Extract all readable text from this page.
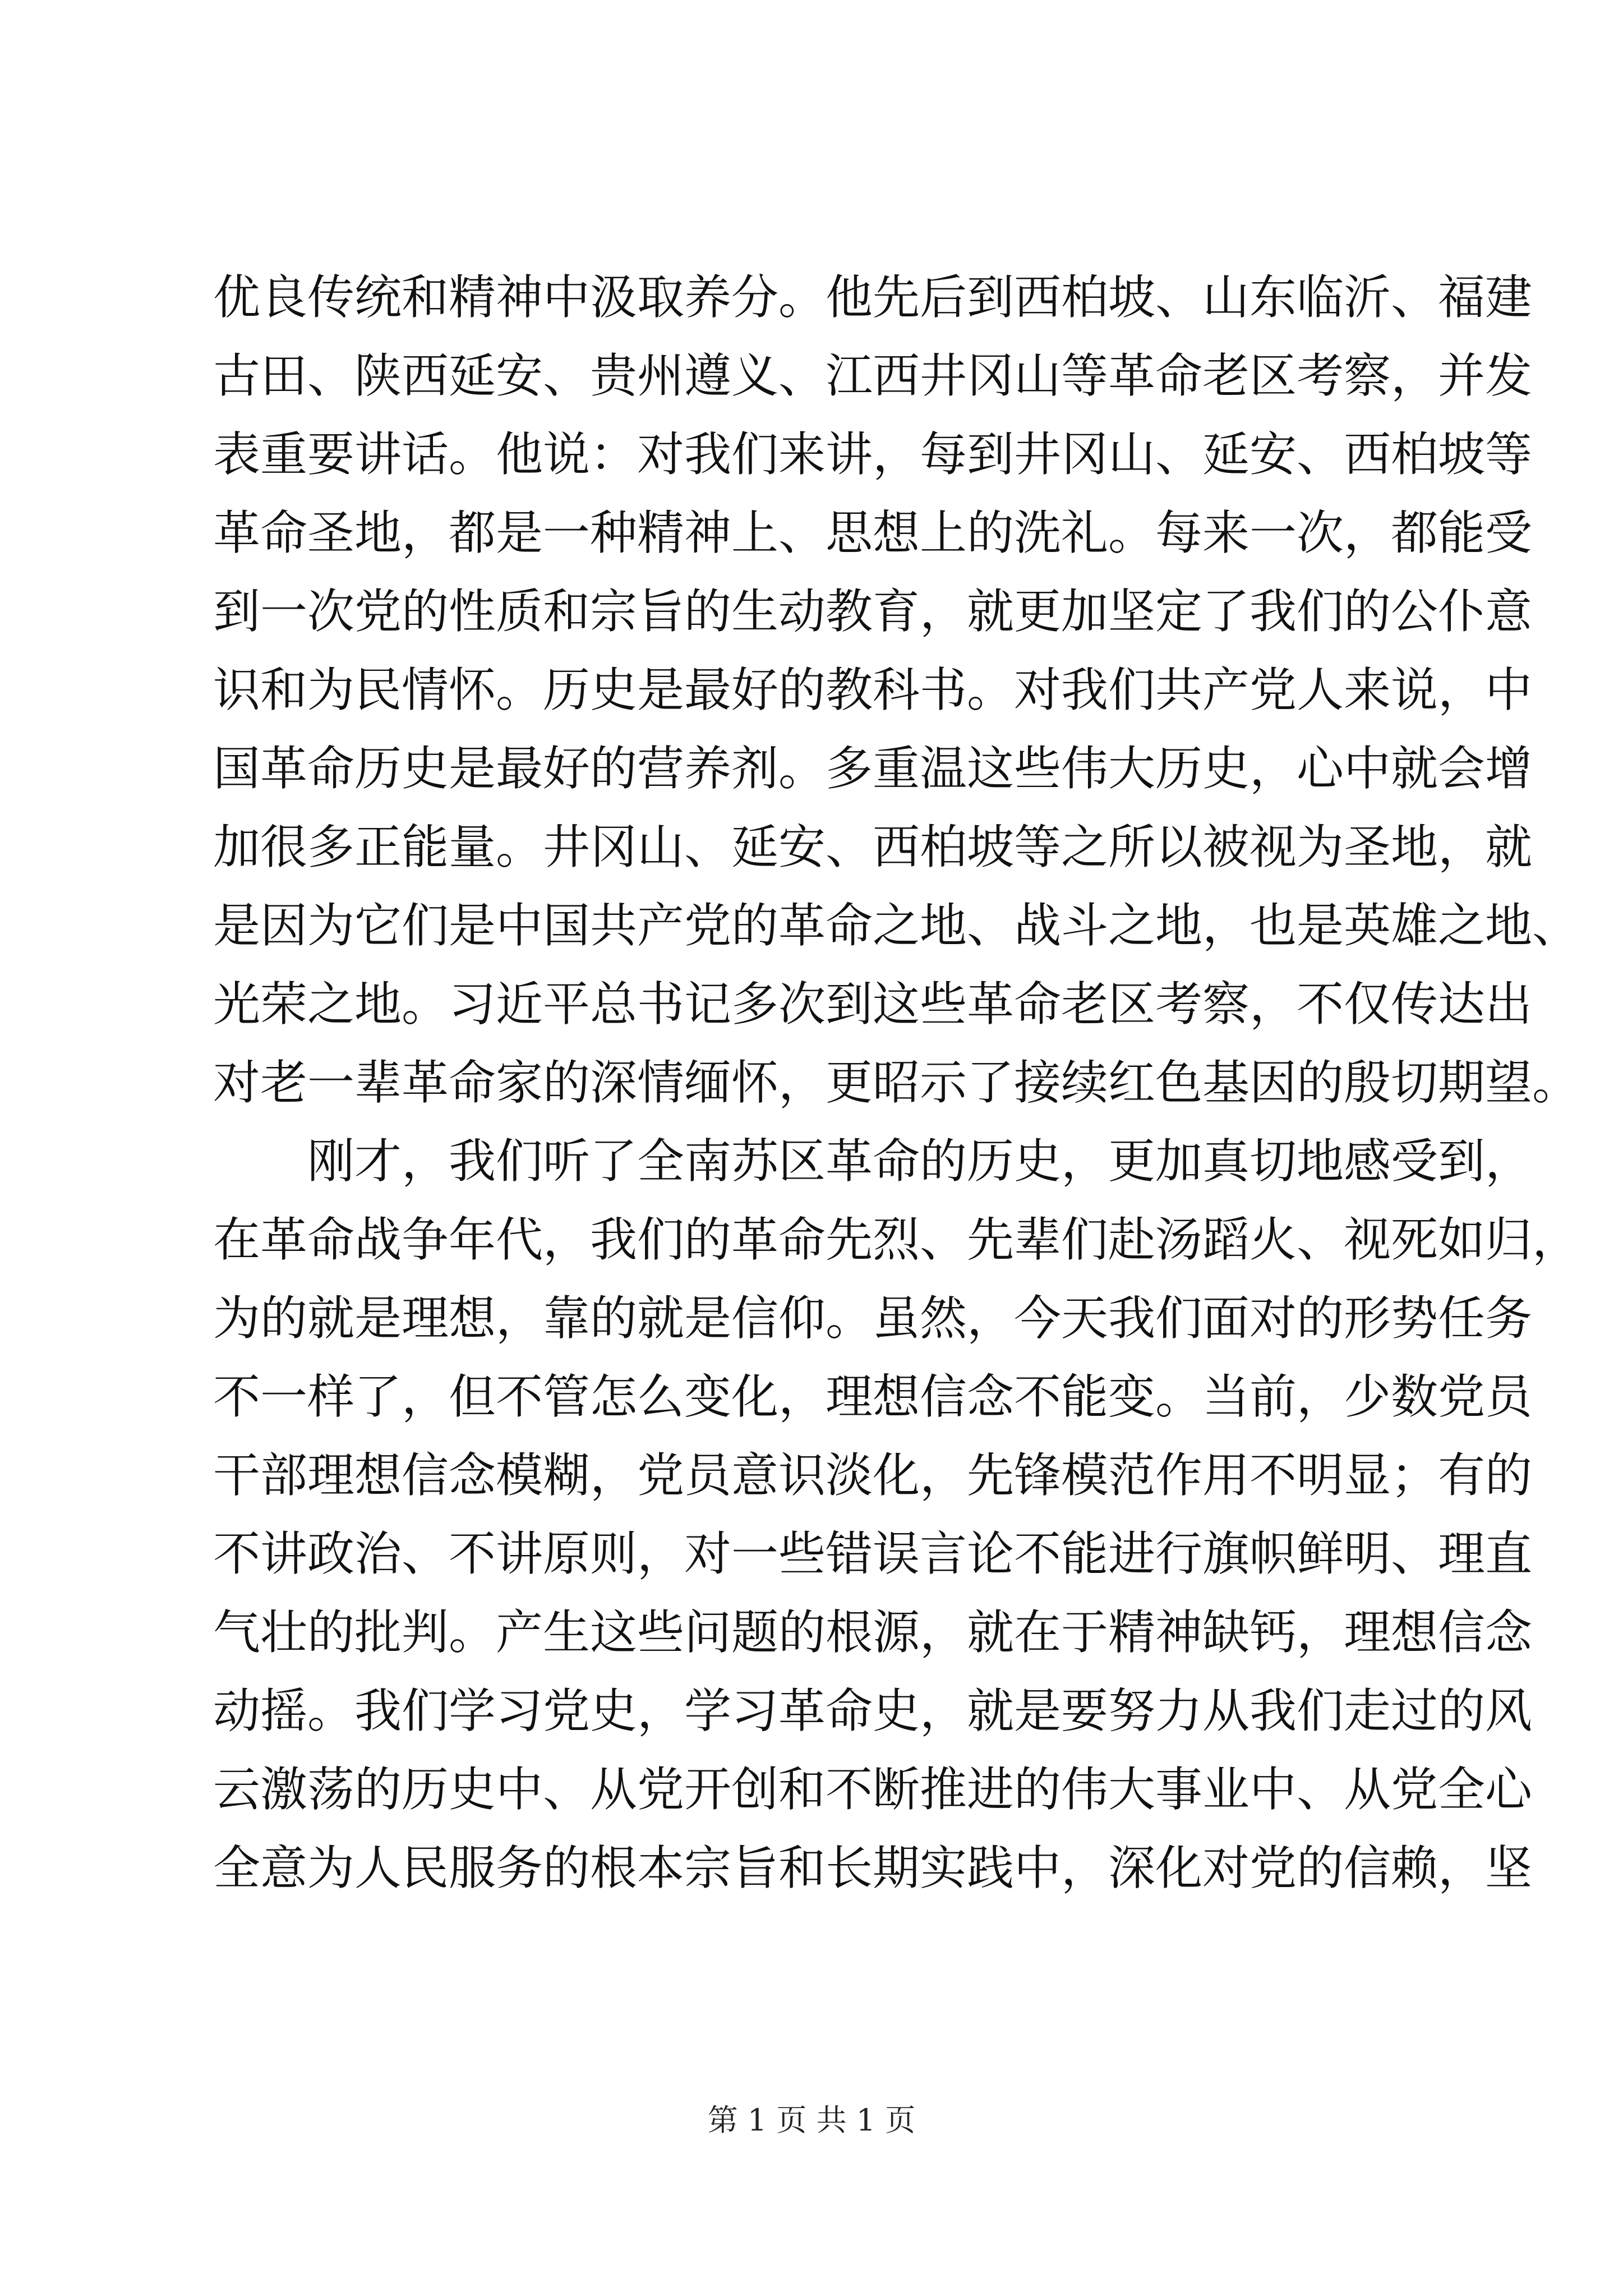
优良传统和精神中汲取养分。他先后到西柏坡、山东临沂、福建
古田、陕西延安、贵州遵义、江西井冈山等革命老区考察，并发
表重要讲话。他说：对我们来讲，每到井冈山、延安、西柏坡等
革命圣地，都是一种精神上、思想上的洗礼。每来一次，都能受
到一次党的性质和宗旨的生动教育，就更加坚定了我们的公仆意
识和为民情怀。历史是最好的教科书。对我们共产党人来说，中
国革命历史是最好的营养剂。多重温这些伟大历史，心中就会增
加很多正能量。井冈山、延安、西柏坡等之所以被视为圣地，就
是因为它们是中国共产党的革命之地、战斗之地，也是英雄之地、
光荣之地。习近平总书记多次到这些革命老区考察，不仅传达出
对老一辈革命家的深情缅怀，更昭示了接续红色基因的殷切期望。
刚才，我们听了全南苏区革命的历史，更加真切地感受到，
在革命战争年代，我们的革命先烈、先辈们赴汤蹈火、视死如归，
为的就是理想，靠的就是信仰。虽然，今天我们面对的形势任务
不一样了，但不管怎么变化，理想信念不能变。当前，少数党员
干部理想信念模糊，党员意识淡化，先锋模范作用不明显；有的
不讲政治、不讲原则，对一些错误言论不能进行旗帜鲜明、理直
气壮的批判。产生这些问题的根源，就在于精神缺钙，理想信念
动摇。我们学习党史，学习革命史，就是要努力从我们走过的风
云激荡的历史中、从党开创和不断推进的伟大事业中、从党全心
全意为人民服务的根本宗旨和长期实践中，深化对党的信赖，坚
第 1 页 共 1 页
